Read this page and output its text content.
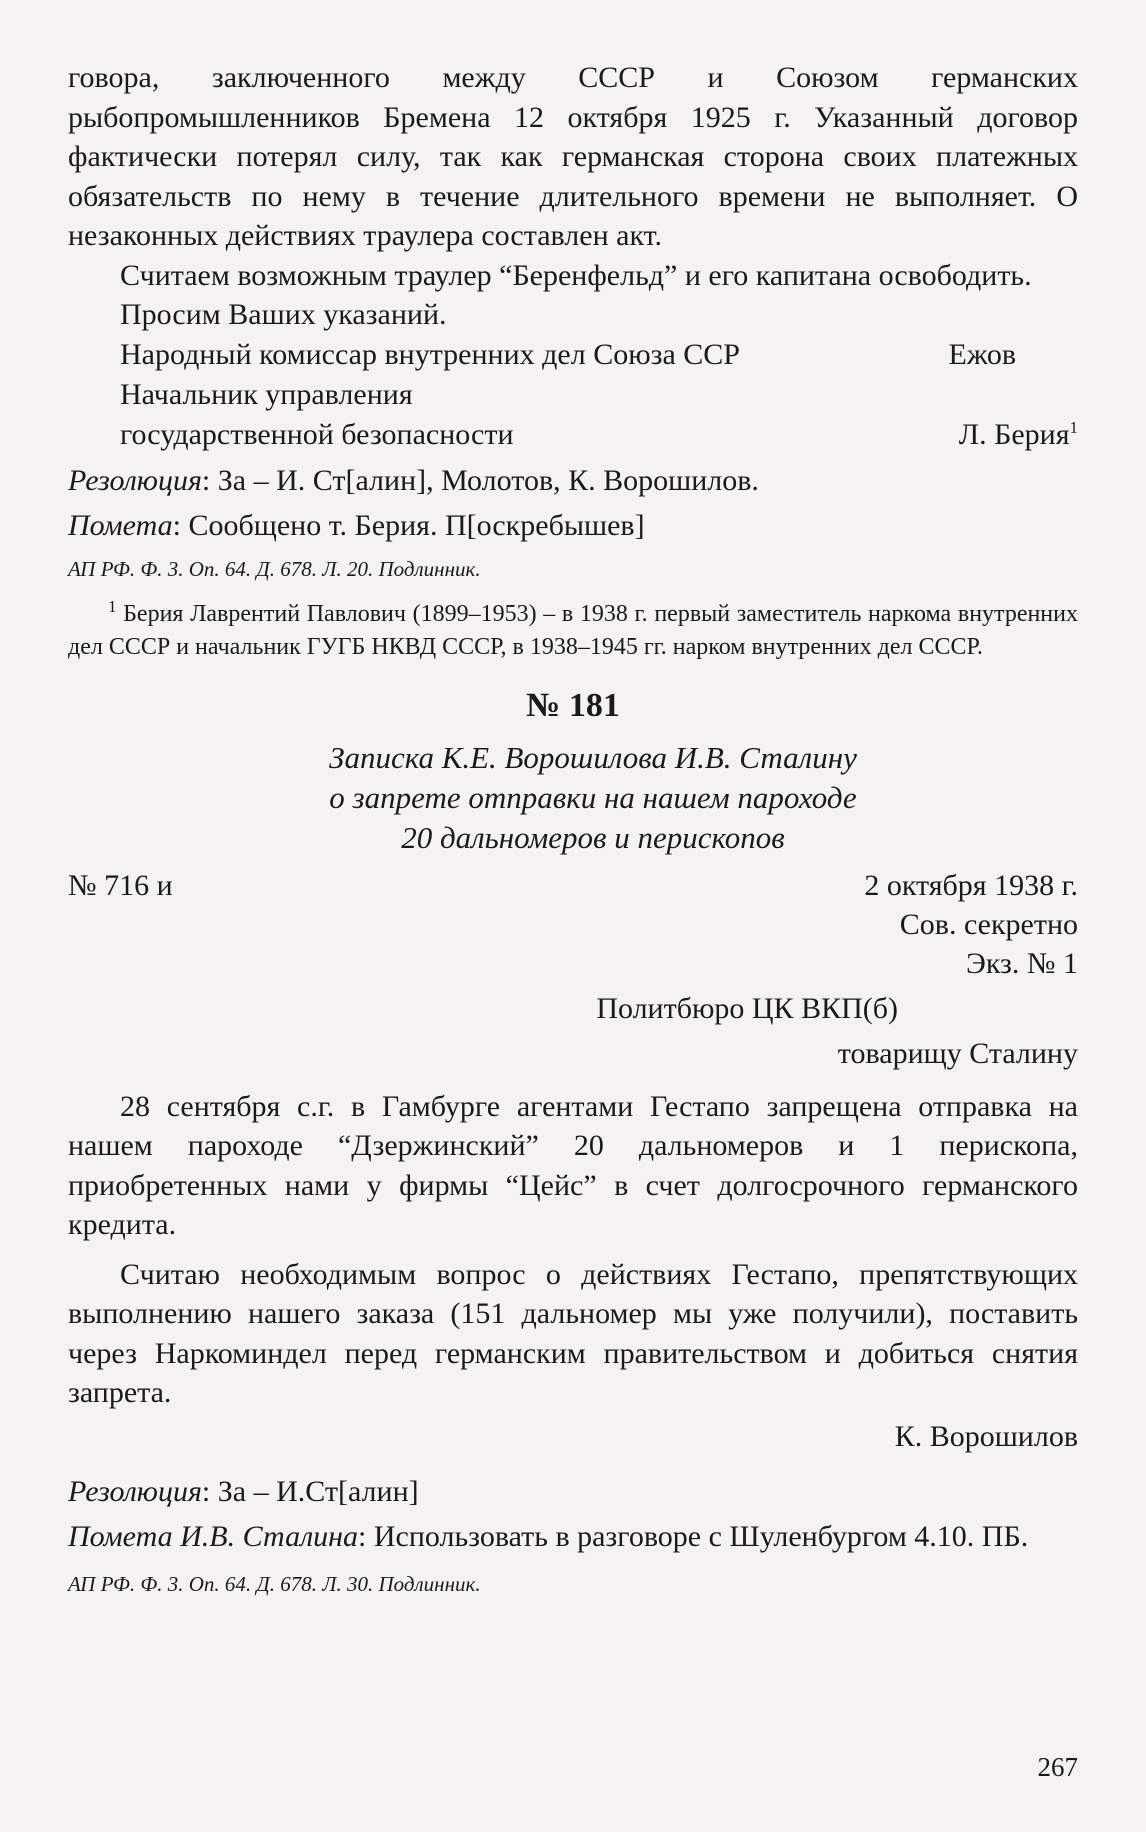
говора, заключенного между СССР и Союзом германских рыбопромышленников Бремена 12 октября 1925 г. Указанный договор фактически потерял силу, так как германская сторона своих платежных обязательств по нему в течение длительного времени не выполняет. О незаконных действиях траулера составлен акт.

Считаем возможным траулер “Беренфельд” и его капитана освободить.

Просим Ваших указаний.

Народный комиссар внутренних дел Союза ССР	Ежов
Начальник управления
государственной безопасности	Л. Берия$^1$
Резолюция: За – И. Ст[алин], Молотов, К. Ворошилов.
Помета: Сообщено т. Берия. П[оскребышев]
АП РФ. Ф. 3. Оп. 64. Д. 678. Л. 20. Подлинник.
$^1$ Берия Лаврентий Павлович (1899–1953) – в 1938 г. первый заместитель наркома внутренних дел СССР и начальник ГУГБ НКВД СССР, в 1938–1945 гг. нарком внутренних дел СССР.
№ 181
Записка К.Е. Ворошилова И.В. Сталину
о запрете отправки на нашем пароходе
20 дальномеров и перископов
№ 716 и	2 октября 1938 г.
Сов. секретно
Экз. № 1
Политбюро ЦК ВКП(б)
товарищу Сталину

28 сентября с.г. в Гамбурге агентами Гестапо запрещена отправка на нашем пароходе “Дзержинский” 20 дальномеров и 1 перископа, приобретенных нами у фирмы “Цейс” в счет долгосрочного германского кредита.

Считаю необходимым вопрос о действиях Гестапо, препятствующих выполнению нашего заказа (151 дальномер мы уже получили), поставить через Наркоминдел перед германским правительством и добиться снятия запрета.

К. Ворошилов
Резолюция: За – И.Ст[алин]
Помета И.В. Сталина: Использовать в разговоре с Шуленбургом 4.10. ПБ.
АП РФ. Ф. 3. Оп. 64. Д. 678. Л. 30. Подлинник.
267
